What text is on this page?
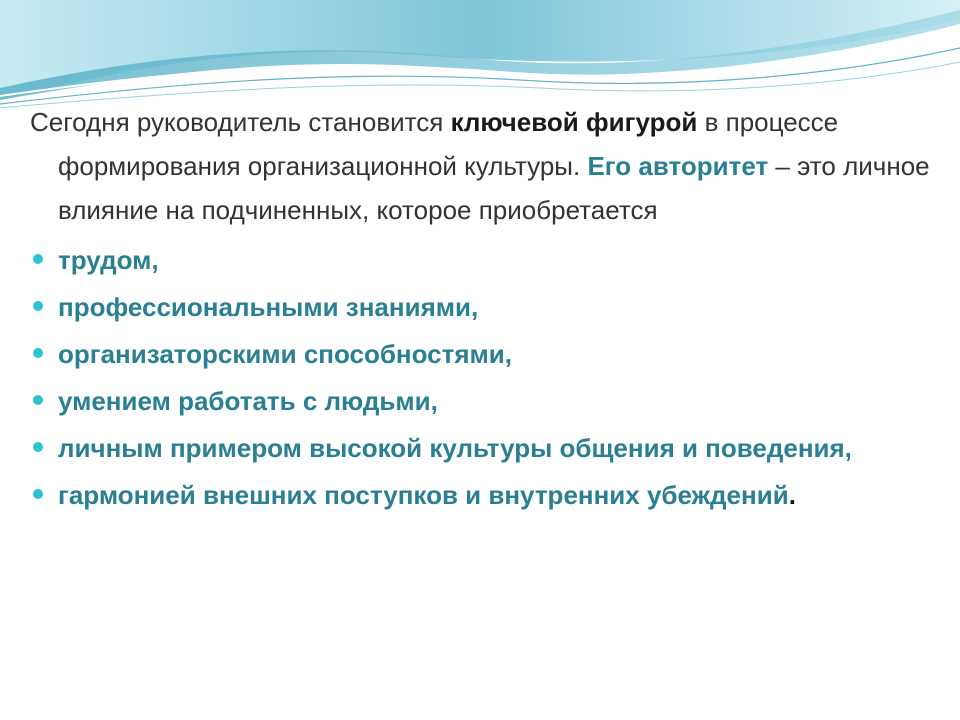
Сегодня руководитель становится ключевой фигурой в процессе формирования организационной культуры. Его авторитет – это личное влияние на подчиненных, которое приобретается

трудом,
профессиональными знаниями,
организаторскими способностями,
умением работать с людьми,
личным примером высокой культуры общения и поведения,
гармонией внешних поступков и внутренних убеждений.
